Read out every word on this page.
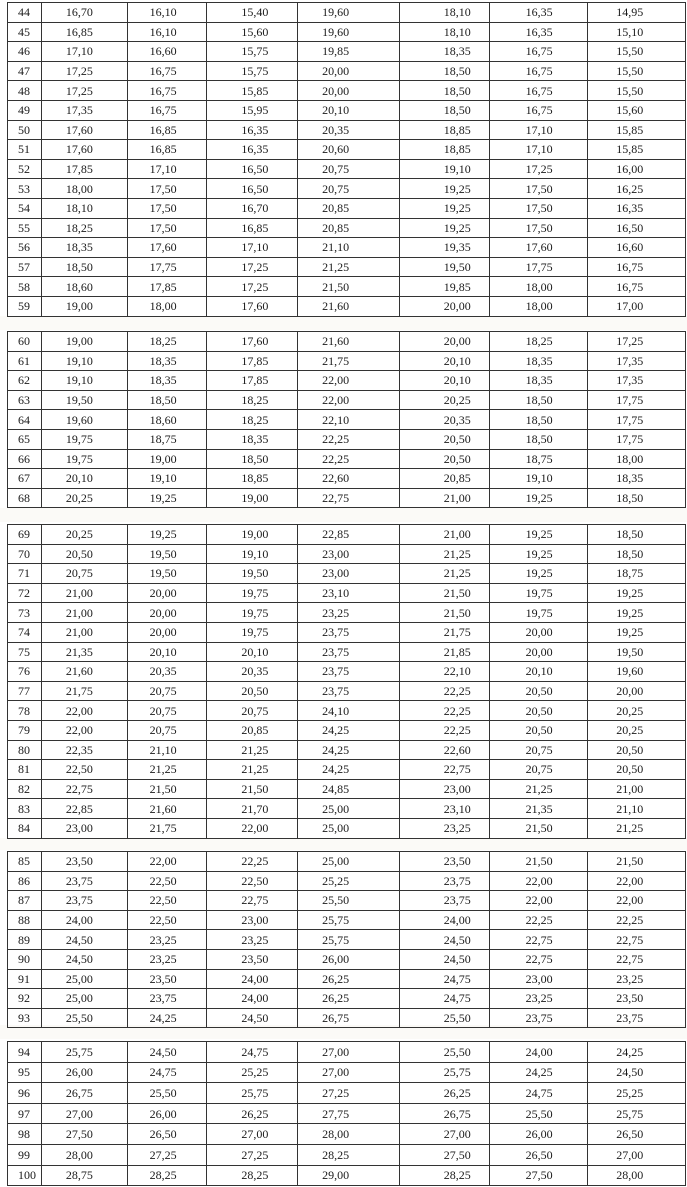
44	16,70	16,10	15,40	19,60	18,10	16,35	14,95
45	16,85	16,10	15,60	19,60	18,10	16,35	15,10
46	17,10	16,60	15,75	19,85	18,35	16,75	15,50
47	17,25	16,75	15,75	20,00	18,50	16,75	15,50
48	17,25	16,75	15,85	20,00	18,50	16,75	15,50
49	17,35	16,75	15,95	20,10	18,50	16,75	15,60
50	17,60	16,85	16,35	20,35	18,85	17,10	15,85
51	17,60	16,85	16,35	20,60	18,85	17,10	15,85
52	17,85	17,10	16,50	20,75	19,10	17,25	16,00
53	18,00	17,50	16,50	20,75	19,25	17,50	16,25
54	18,10	17,50	16,70	20,85	19,25	17,50	16,35
55	18,25	17,50	16,85	20,85	19,25	17,50	16,50
56	18,35	17,60	17,10	21,10	19,35	17,60	16,60
57	18,50	17,75	17,25	21,25	19,50	17,75	16,75
58	18,60	17,85	17,25	21,50	19,85	18,00	16,75
59	19,00	18,00	17,60	21,60	20,00	18,00	17,00
60	19,00	18,25	17,60	21,60	20,00	18,25	17,25
61	19,10	18,35	17,85	21,75	20,10	18,35	17,35
62	19,10	18,35	17,85	22,00	20,10	18,35	17,35
63	19,50	18,50	18,25	22,00	20,25	18,50	17,75
64	19,60	18,60	18,25	22,10	20,35	18,50	17,75
65	19,75	18,75	18,35	22,25	20,50	18,50	17,75
66	19,75	19,00	18,50	22,25	20,50	18,75	18,00
67	20,10	19,10	18,85	22,60	20,85	19,10	18,35
68	20,25	19,25	19,00	22,75	21,00	19,25	18,50
69	20,25	19,25	19,00	22,85	21,00	19,25	18,50
70	20,50	19,50	19,10	23,00	21,25	19,25	18,50
71	20,75	19,50	19,50	23,00	21,25	19,25	18,75
72	21,00	20,00	19,75	23,10	21,50	19,75	19,25
73	21,00	20,00	19,75	23,25	21,50	19,75	19,25
74	21,00	20,00	19,75	23,75	21,75	20,00	19,25
75	21,35	20,10	20,10	23,75	21,85	20,00	19,50
76	21,60	20,35	20,35	23,75	22,10	20,10	19,60
77	21,75	20,75	20,50	23,75	22,25	20,50	20,00
78	22,00	20,75	20,75	24,10	22,25	20,50	20,25
79	22,00	20,75	20,85	24,25	22,25	20,50	20,25
80	22,35	21,10	21,25	24,25	22,60	20,75	20,50
81	22,50	21,25	21,25	24,25	22,75	20,75	20,50
82	22,75	21,50	21,50	24,85	23,00	21,25	21,00
83	22,85	21,60	21,70	25,00	23,10	21,35	21,10
84	23,00	21,75	22,00	25,00	23,25	21,50	21,25
85	23,50	22,00	22,25	25,00	23,50	21,50	21,50
86	23,75	22,50	22,50	25,25	23,75	22,00	22,00
87	23,75	22,50	22,75	25,50	23,75	22,00	22,00
88	24,00	22,50	23,00	25,75	24,00	22,25	22,25
89	24,50	23,25	23,25	25,75	24,50	22,75	22,75
90	24,50	23,25	23,50	26,00	24,50	22,75	22,75
91	25,00	23,50	24,00	26,25	24,75	23,00	23,25
92	25,00	23,75	24,00	26,25	24,75	23,25	23,50
93	25,50	24,25	24,50	26,75	25,50	23,75	23,75
94	25,75	24,50	24,75	27,00	25,50	24,00	24,25
95	26,00	24,75	25,25	27,00	25,75	24,25	24,50
96	26,75	25,50	25,75	27,25	26,25	24,75	25,25
97	27,00	26,00	26,25	27,75	26,75	25,50	25,75
98	27,50	26,50	27,00	28,00	27,00	26,00	26,50
99	28,00	27,25	27,25	28,25	27,50	26,50	27,00
100	28,75	28,25	28,25	29,00	28,25	27,50	28,00
